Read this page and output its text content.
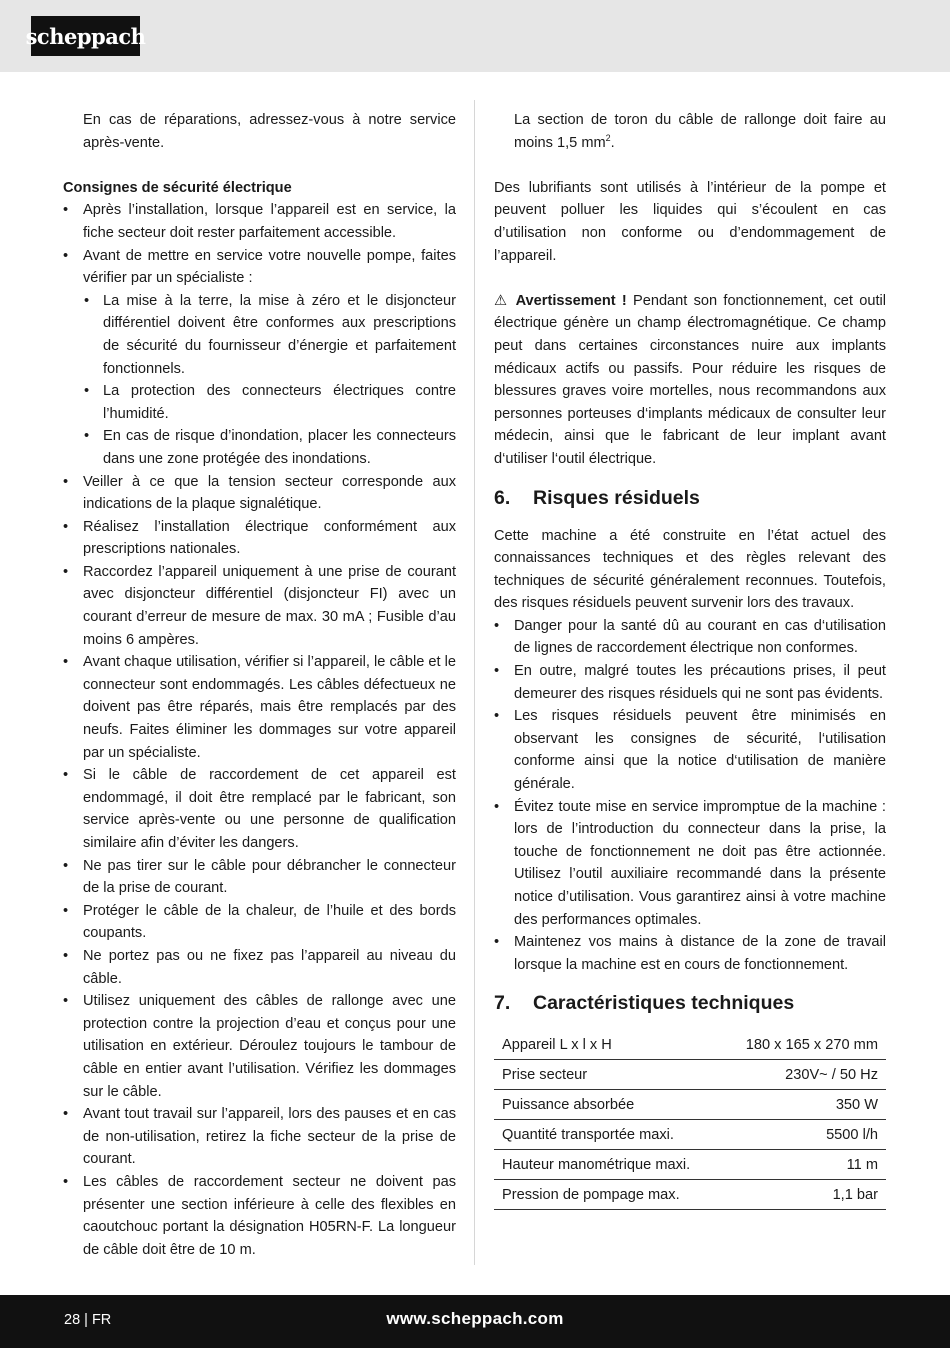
scheppach

En cas de réparations, adressez-vous à notre service après-vente.

Consignes de sécurité électrique
• Après l’installation, lorsque l’appareil est en service, la fiche secteur doit rester parfaitement accessible.
• Avant de mettre en service votre nouvelle pompe, faites vérifier par un spécialiste :
• La mise à la terre, la mise à zéro et le disjoncteur différentiel doivent être conformes aux prescriptions de sécurité du fournisseur d’énergie et parfaitement fonctionnels.
• La protection des connecteurs électriques contre l’humidité.
• En cas de risque d’inondation, placer les connecteurs dans une zone protégée des inondations.
• Veiller à ce que la tension secteur corresponde aux indications de la plaque signalétique.
• Réalisez l’installation électrique conformément aux prescriptions nationales.
• Raccordez l’appareil uniquement à une prise de courant avec disjoncteur différentiel (disjoncteur FI) avec un courant d’erreur de mesure de max. 30 mA ; Fusible d’au moins 6 ampères.
• Avant chaque utilisation, vérifier si l’appareil, le câble et le connecteur sont endommagés. Les câbles défectueux ne doivent pas être réparés, mais être remplacés par des neufs. Faites éliminer les dommages sur votre appareil par un spécialiste.
• Si le câble de raccordement de cet appareil est endommagé, il doit être remplacé par le fabricant, son service après-vente ou une personne de qualification similaire afin d’éviter les dangers.
• Ne pas tirer sur le câble pour débrancher le connecteur de la prise de courant.
• Protéger le câble de la chaleur, de l’huile et des bords coupants.
• Ne portez pas ou ne fixez pas l’appareil au niveau du câble.
• Utilisez uniquement des câbles de rallonge avec une protection contre la projection d’eau et conçus pour une utilisation en extérieur. Déroulez toujours le tambour de câble en entier avant l’utilisation. Vérifiez les dommages sur le câble.
• Avant tout travail sur l’appareil, lors des pauses et en cas de non-utilisation, retirez la fiche secteur de la prise de courant.
• Les câbles de raccordement secteur ne doivent pas présenter une section inférieure à celle des flexibles en caoutchouc portant la désignation H05RN-F. La longueur de câble doit être de 10 m.

La section de toron du câble de rallonge doit faire au moins 1,5 $mm^2$.

Des lubrifiants sont utilisés à l’intérieur de la pompe et peuvent polluer les liquides qui s’écoulent en cas d’utilisation non conforme ou d’endommagement de l’appareil.

⚠ Avertissement ! Pendant son fonctionnement, cet outil électrique génère un champ électromagnétique. Ce champ peut dans certaines circonstances nuire aux implants médicaux actifs ou passifs. Pour réduire les risques de blessures graves voire mortelles, nous recommandons aux personnes porteuses d‘implants médicaux de consulter leur médecin, ainsi que le fabricant de leur implant avant d‘utiliser l‘outil électrique.

6. Risques résiduels

Cette machine a été construite en l’état actuel des connaissances techniques et des règles relevant des techniques de sécurité généralement reconnues. Toutefois, des risques résiduels peuvent survenir lors des travaux.

• Danger pour la santé dû au courant en cas d‘utilisation de lignes de raccordement électrique non conformes.
• En outre, malgré toutes les précautions prises, il peut demeurer des risques résiduels qui ne sont pas évidents.
• Les risques résiduels peuvent être minimisés en observant les consignes de sécurité, l‘utilisation conforme ainsi que la notice d‘utilisation de manière générale.
• Évitez toute mise en service impromptue de la machine : lors de l’introduction du connecteur dans la prise, la touche de fonctionnement ne doit pas être actionnée. Utilisez l’outil auxiliaire recommandé dans la présente notice d’utilisation. Vous garantirez ainsi à votre machine des performances optimales.
• Maintenez vos mains à distance de la zone de travail lorsque la machine est en cours de fonctionnement.
7. Caractéristiques techniques
Appareil L x l x H	180 x 165 x 270 mm
Prise secteur	230V~ / 50 Hz
Puissance absorbée	350 W
Quantité transportée maxi.	5500 l/h
Hauteur manométrique maxi.	11 m
Pression de pompage max.	1,1 bar
28 | FR	www.scheppach.com
